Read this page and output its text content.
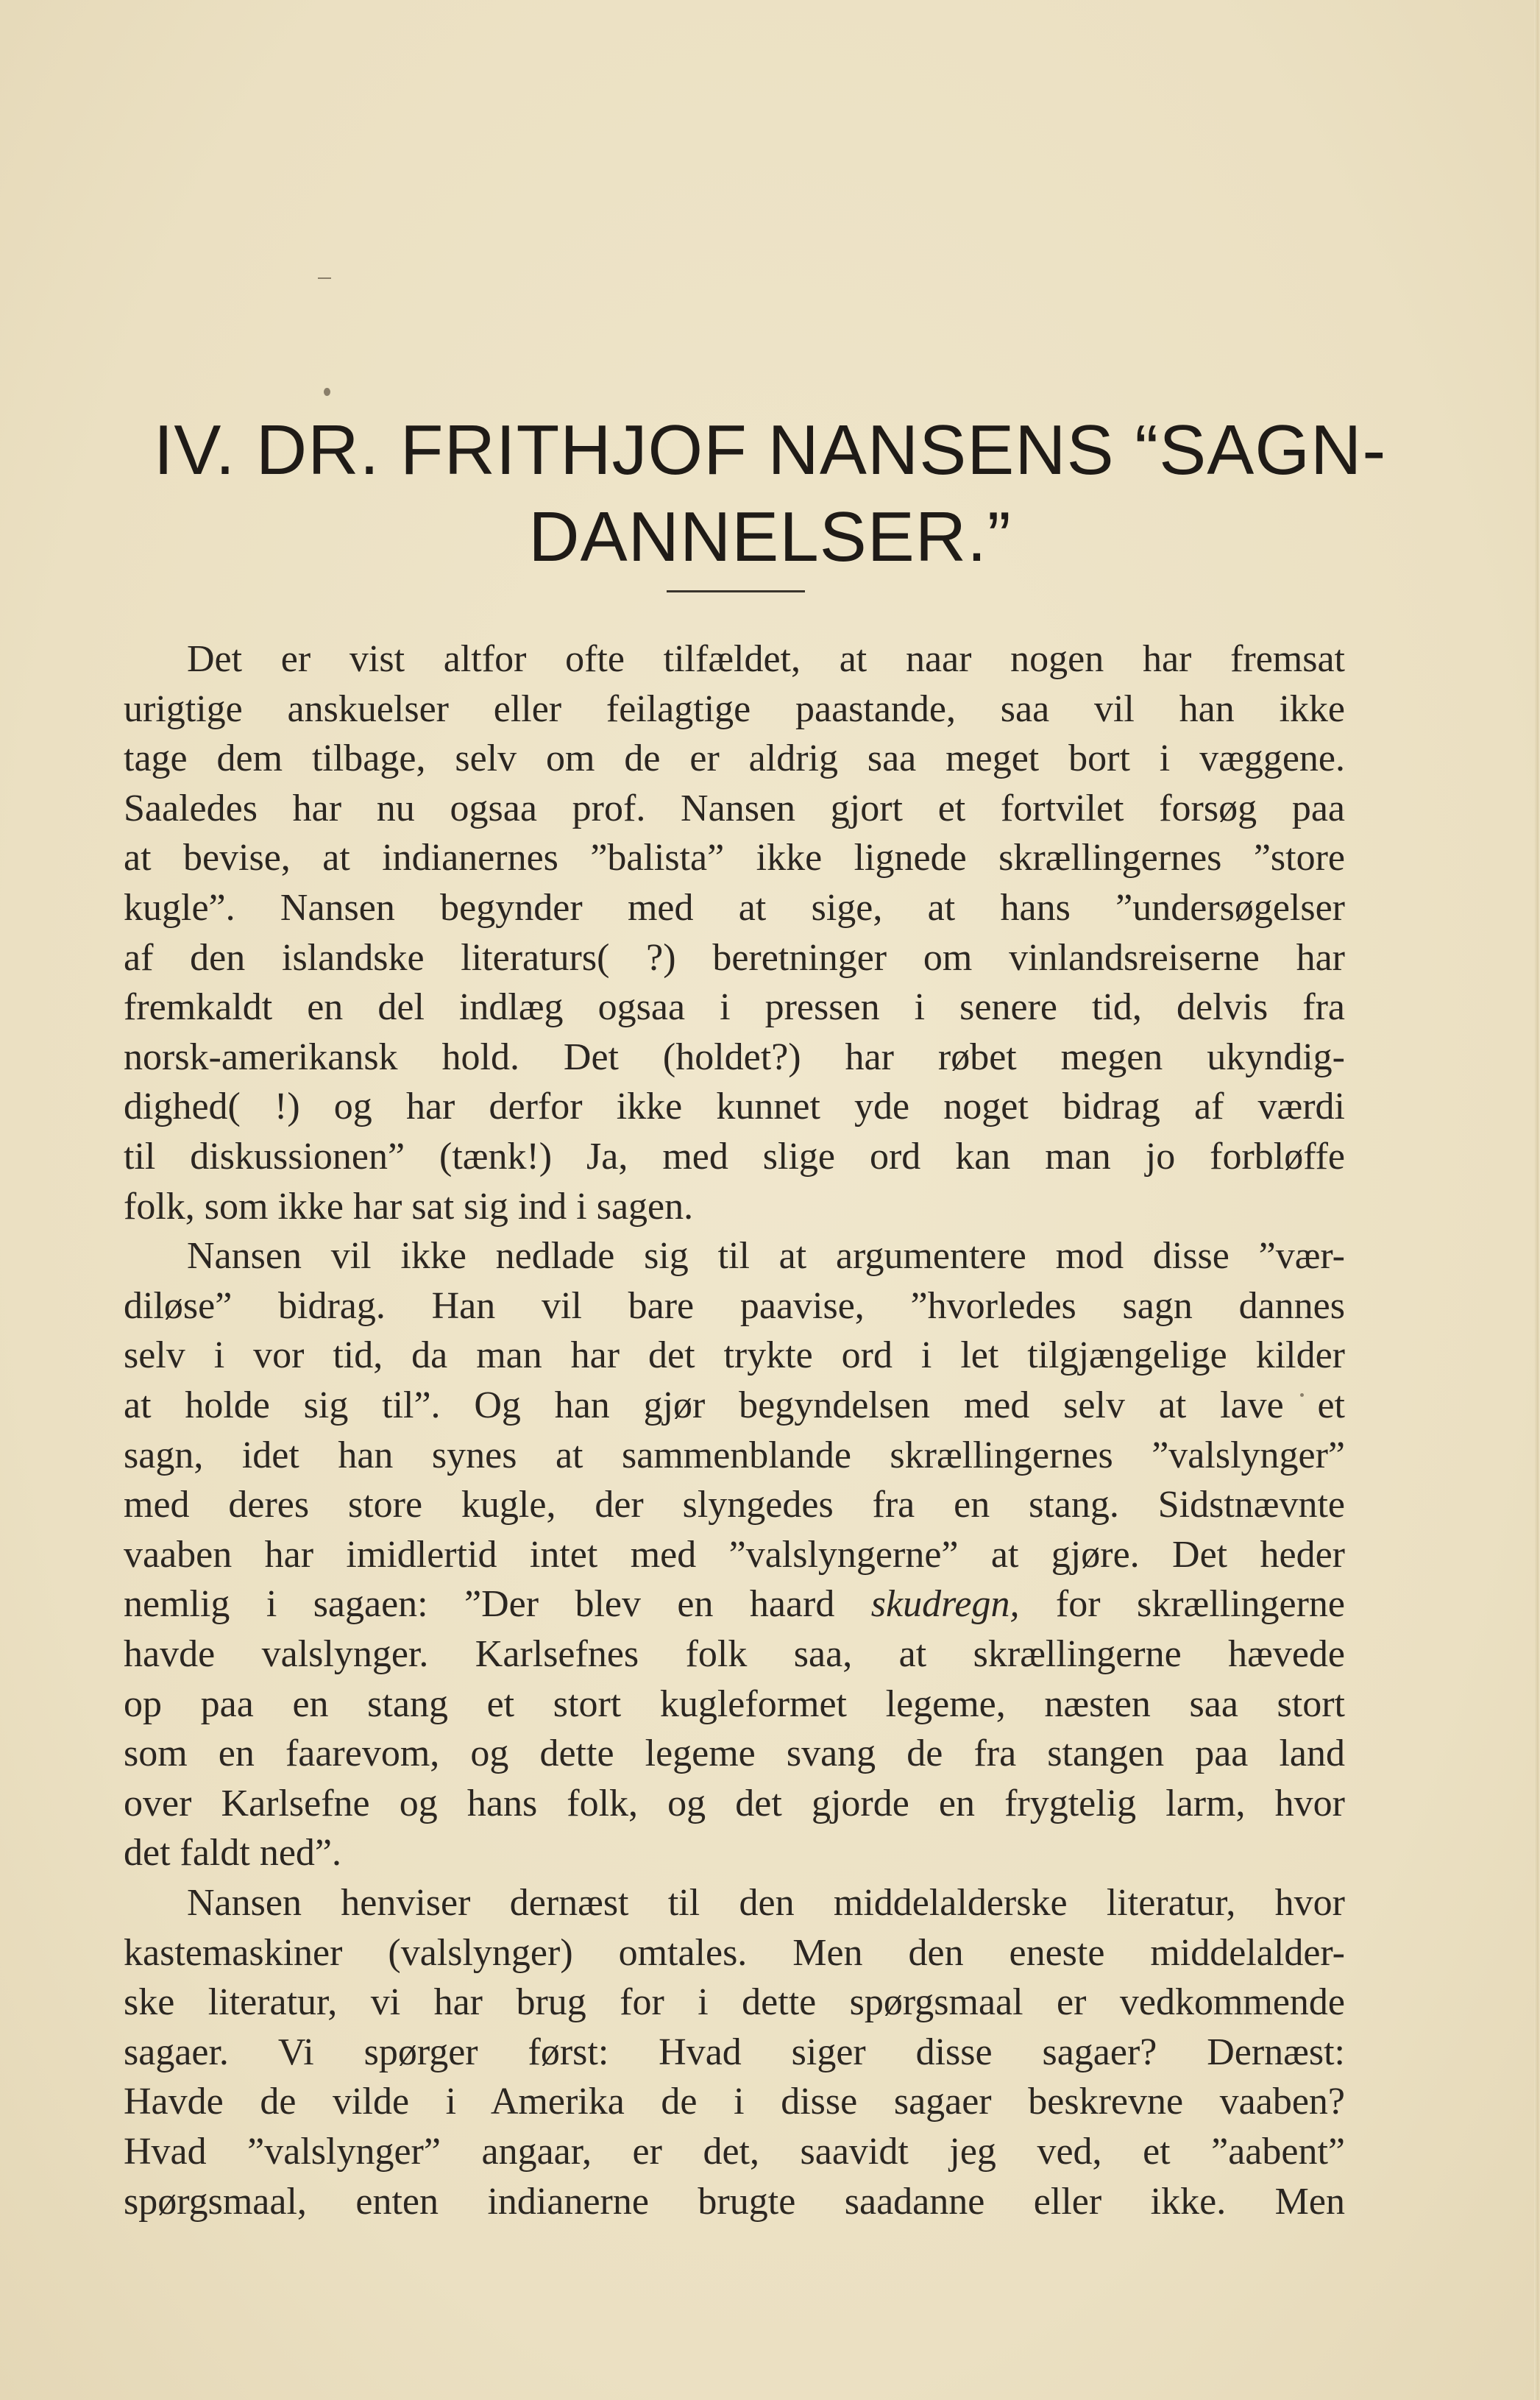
IV. DR. FRITHJOF NANSENS “SAGN-
DANNELSER.”
Det er vist altfor ofte tilfældet, at naar nogen har fremsat
urigtige anskuelser eller feilagtige paastande, saa vil han ikke
tage dem tilbage, selv om de er aldrig saa meget bort i væggene.
Saaledes har nu ogsaa prof. Nansen gjort et fortvilet forsøg paa
at bevise, at indianernes ”balista” ikke lignede skrællingernes ”store
kugle”. Nansen begynder med at sige, at hans ”undersøgelser
af den islandske literaturs( ?) beretninger om vinlandsreiserne har
fremkaldt en del indlæg ogsaa i pressen i senere tid, delvis fra
norsk-amerikansk hold. Det (holdet?) har røbet megen ukyndig-
dighed( !) og har derfor ikke kunnet yde noget bidrag af værdi
til diskussionen” (tænk!) Ja, med slige ord kan man jo forbløffe
folk, som ikke har sat sig ind i sagen.
Nansen vil ikke nedlade sig til at argumentere mod disse ”vær-
diløse” bidrag. Han vil bare paavise, ”hvorledes sagn dannes
selv i vor tid, da man har det trykte ord i let tilgjængelige kilder
at holde sig til”. Og han gjør begyndelsen med selv at lave et
sagn, idet han synes at sammenblande skrællingernes ”valslynger”
med deres store kugle, der slyngedes fra en stang. Sidstnævnte
vaaben har imidlertid intet med ”valslyngerne” at gjøre. Det heder
nemlig i sagaen: ”Der blev en haard skudregn, for skrællingerne
havde valslynger. Karlsefnes folk saa, at skrællingerne hævede
op paa en stang et stort kugleformet legeme, næsten saa stort
som en faarevom, og dette legeme svang de fra stangen paa land
over Karlsefne og hans folk, og det gjorde en frygtelig larm, hvor
det faldt ned”.
Nansen henviser dernæst til den middelalderske literatur, hvor
kastemaskiner (valslynger) omtales. Men den eneste middelalder-
ske literatur, vi har brug for i dette spørgsmaal er vedkommende
sagaer. Vi spørger først: Hvad siger disse sagaer? Dernæst:
Havde de vilde i Amerika de i disse sagaer beskrevne vaaben?
Hvad ”valslynger” angaar, er det, saavidt jeg ved, et ”aabent”
spørgsmaal, enten indianerne brugte saadanne eller ikke. Men
